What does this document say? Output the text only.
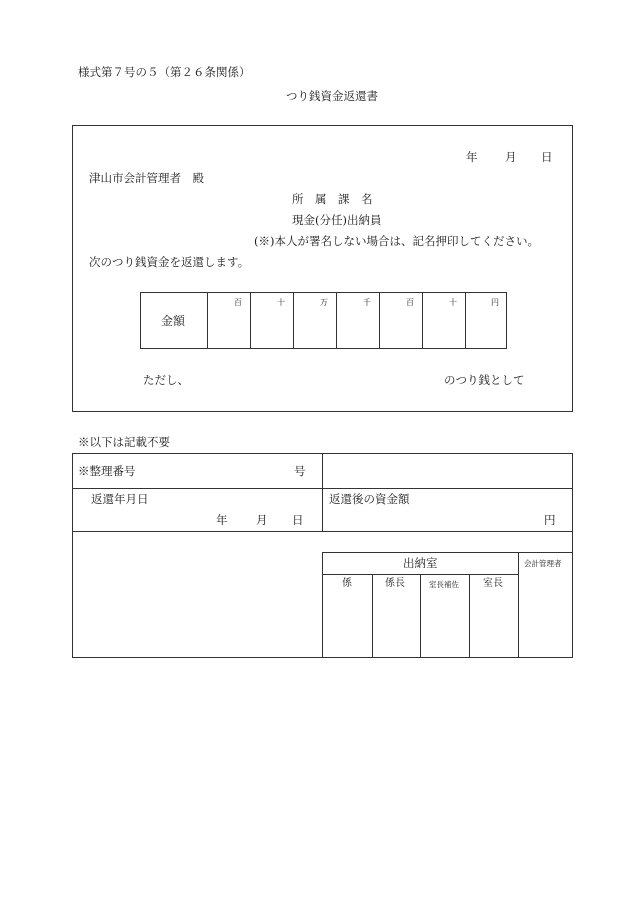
様式第７号の５（第２６条関係）
つり銭資金返還書
年 月 日
津山市会計管理者　殿
所　属　課　名
現金(分任)出納員
(※)本人が署名しない場合は、記名押印してください。
次のつり銭資金を返還します。
金額
百	十	万	千	百	十	円
ただし、	のつり銭として
※以下は記載不要
※整理番号	号
返還年月日
年 月 日
返還後の資金額
円
出納室	会計管理者
係	係長	室長補佐 室長
